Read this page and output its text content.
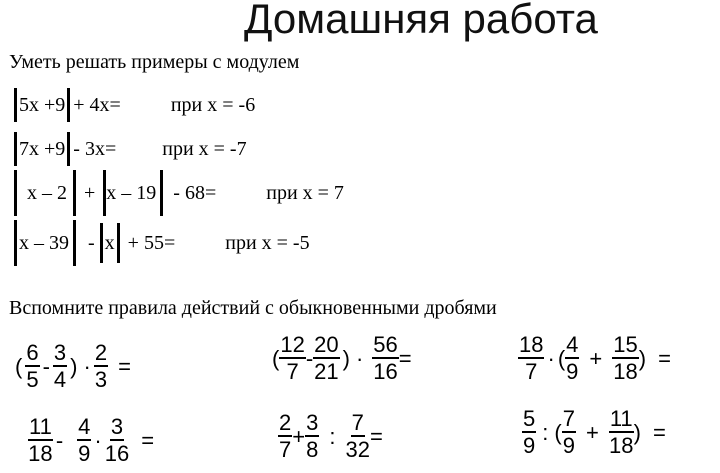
Домашняя работа
Уметь решать примеры с модулем
5x +9 + 4x=	при x = -6
7x +9 - 3x=	при x = -7
x – 2 + x – 19 - 68=	при x = 7
x – 39 - x + 55=	при x = -5
Вспомните правила действий с обыкновенными дробями
( $\frac{6}{5} - \frac{3}{4}$ ) · $\frac{2}{3}$ =	( $\frac{12}{7} - \frac{20}{21}$ ) · $\frac{56}{16}$ =	$\frac{18}{7}$ · ( $\frac{4}{9} + \frac{15}{18}$ ) =
$\frac{11}{18} - \frac{4}{9} \cdot \frac{3}{16}$ =	$\frac{2}{7} + \frac{3}{8}$ : $\frac{7}{32}$ =	$\frac{5}{9}$ : ( $\frac{7}{9} + \frac{11}{18}$ ) =
